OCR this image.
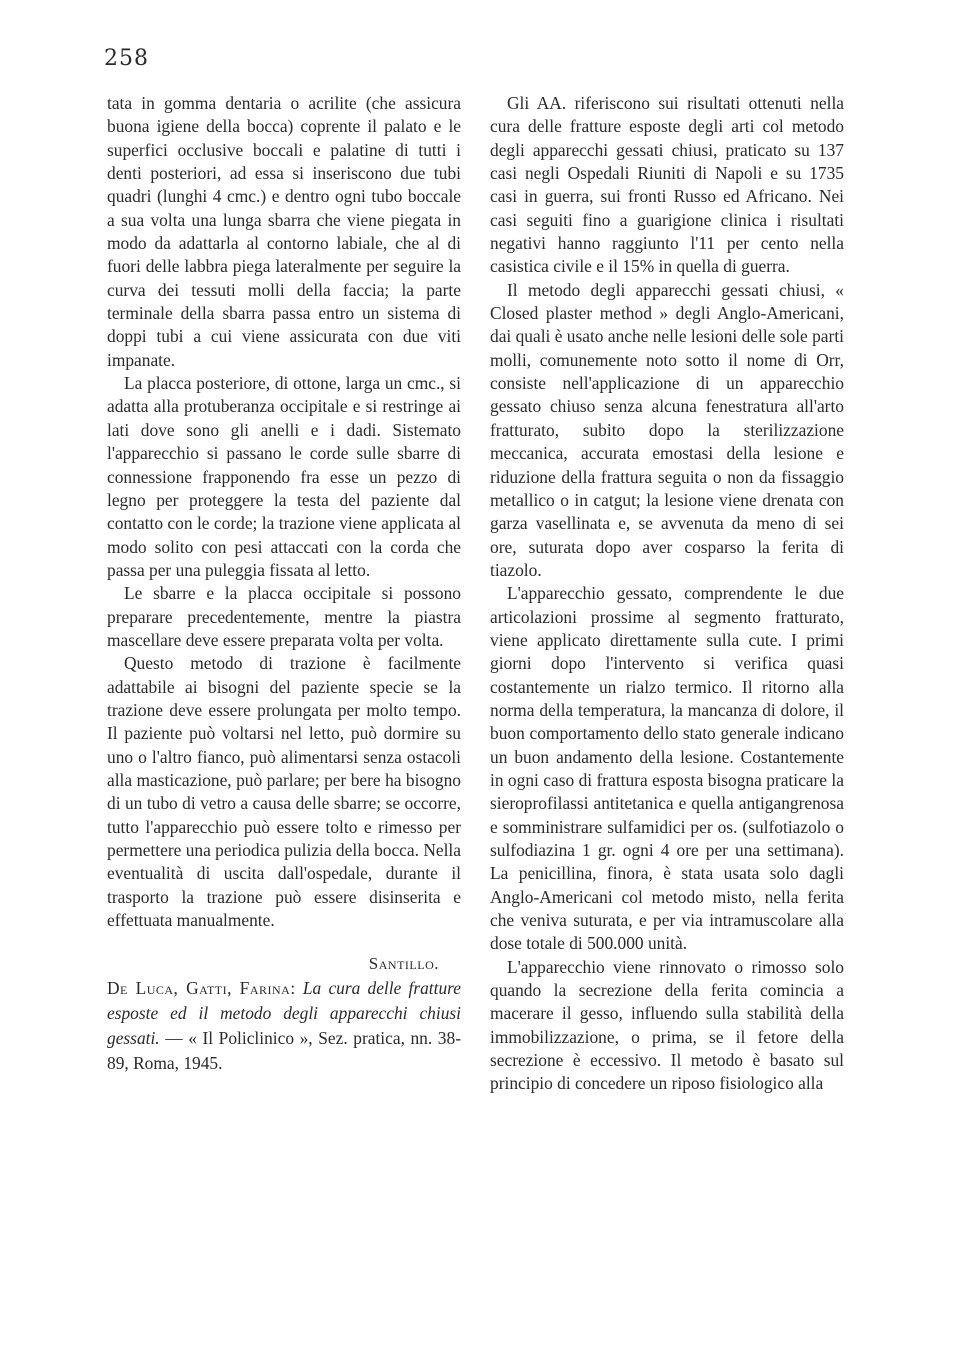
258

tata in gomma dentaria o acrilite (che assicura buona igiene della bocca) coprente il palato e le superfici occlusive boccali e palatine di tutti i denti posteriori, ad essa si inseriscono due tubi quadri (lunghi 4 cmc.) e dentro ogni tubo boccale a sua volta una lunga sbarra che viene piegata in modo da adattarla al contorno labiale, che al di fuori delle labbra piega lateralmente per seguire la curva dei tessuti molli della faccia; la parte terminale della sbarra passa entro un sistema di doppi tubi a cui viene assicurata con due viti impanate.

La placca posteriore, di ottone, larga un cmc., si adatta alla protuberanza occipitale e si restringe ai lati dove sono gli anelli e i dadi. Sistemato l'apparecchio si passano le corde sulle sbarre di connessione frapponendo fra esse un pezzo di legno per proteggere la testa del paziente dal contatto con le corde; la trazione viene applicata al modo solito con pesi attaccati con la corda che passa per una puleggia fissata al letto.

Le sbarre e la placca occipitale si possono preparare precedentemente, mentre la piastra mascellare deve essere preparata volta per volta.

Questo metodo di trazione è facilmente adattabile ai bisogni del paziente specie se la trazione deve essere prolungata per molto tempo. Il paziente può voltarsi nel letto, può dormire su uno o l'altro fianco, può alimentarsi senza ostacoli alla masticazione, può parlare; per bere ha bisogno di un tubo di vetro a causa delle sbarre; se occorre, tutto l'apparecchio può essere tolto e rimesso per permettere una periodica pulizia della bocca. Nella eventualità di uscita dall'ospedale, durante il trasporto la trazione può essere disinserita e effettuata manualmente.

Santillo.

De Luca, Gatti, Farina: La cura delle fratture esposte ed il metodo degli apparecchi chiusi gessati. — « Il Policlinico », Sez. pratica, nn. 38-89, Roma, 1945.

Gli AA. riferiscono sui risultati ottenuti nella cura delle fratture esposte degli arti col metodo degli apparecchi gessati chiusi, praticato su 137 casi negli Ospedali Riuniti di Napoli e su 1735 casi in guerra, sui fronti Russo ed Africano. Nei casi seguiti fino a guarigione clinica i risultati negativi hanno raggiunto l'11 per cento nella casistica civile e il 15% in quella di guerra.

Il metodo degli apparecchi gessati chiusi, « Closed plaster method » degli Anglo-Americani, dai quali è usato anche nelle lesioni delle sole parti molli, comunemente noto sotto il nome di Orr, consiste nell'applicazione di un apparecchio gessato chiuso senza alcuna fenestratura all'arto fratturato, subito dopo la sterilizzazione meccanica, accurata emostasi della lesione e riduzione della frattura seguita o non da fissaggio metallico o in catgut; la lesione viene drenata con garza vasellinata e, se avvenuta da meno di sei ore, suturata dopo aver cosparso la ferita di tiazolo.

L'apparecchio gessato, comprendente le due articolazioni prossime al segmento fratturato, viene applicato direttamente sulla cute. I primi giorni dopo l'intervento si verifica quasi costantemente un rialzo termico. Il ritorno alla norma della temperatura, la mancanza di dolore, il buon comportamento dello stato generale indicano un buon andamento della lesione. Costantemente in ogni caso di frattura esposta bisogna praticare la sieroprofilassi antitetanica e quella antigangrenosa e somministrare sulfamidici per os. (sulfotiazolo o sulfodiazina 1 gr. ogni 4 ore per una settimana). La penicillina, finora, è stata usata solo dagli Anglo-Americani col metodo misto, nella ferita che veniva suturata, e per via intramuscolare alla dose totale di 500.000 unità.

L'apparecchio viene rinnovato o rimosso solo quando la secrezione della ferita comincia a macerare il gesso, influendo sulla stabilità della immobilizzazione, o prima, se il fetore della secrezione è eccessivo. Il metodo è basato sul principio di concedere un riposo fisiologico alla
